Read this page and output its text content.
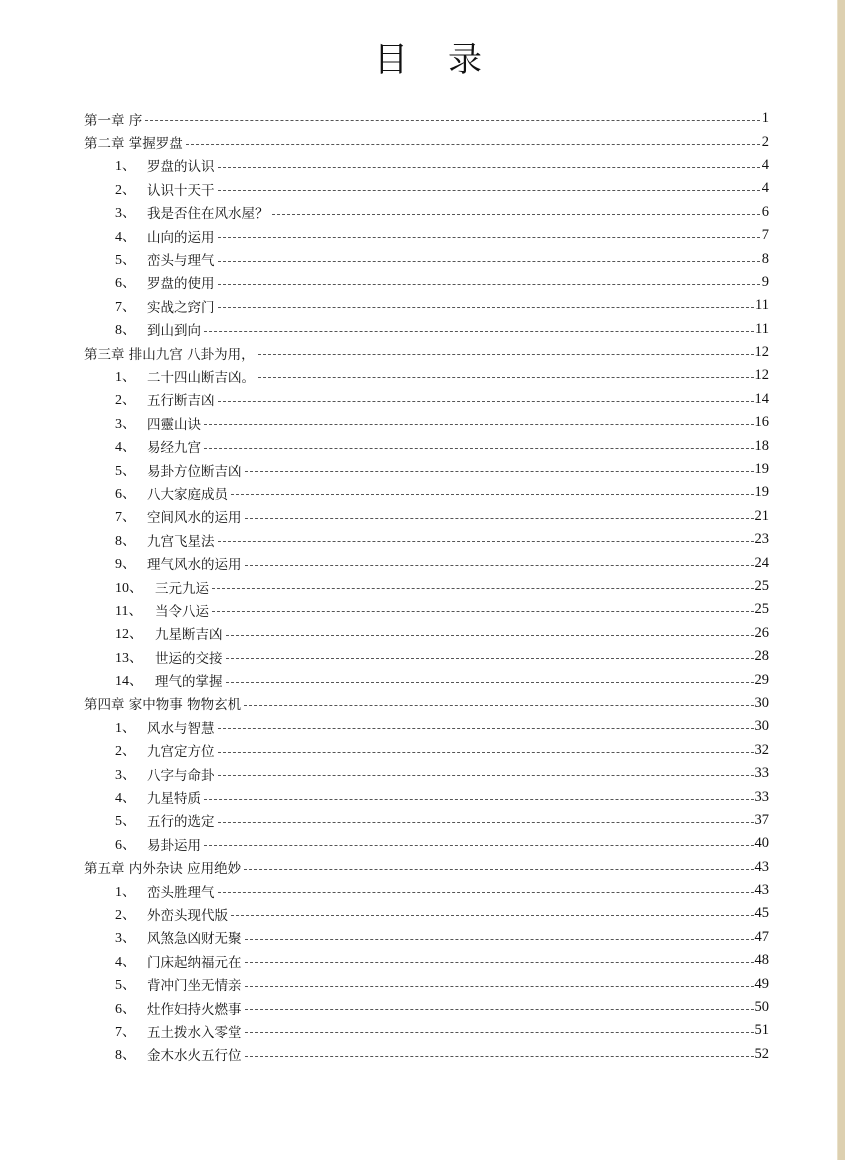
目 录
第一章 序	1
第二章 掌握罗盘	2
1、 罗盘的认识	4
2、 认识十天干	4
3、 我是否住在风水屋？	6
4、 山向的运用	7
5、 峦头与理气	8
6、 罗盘的使用	9
7、 实战之窍门	11
8、 到山到向	11
第三章 排山九宫 八卦为用，	12
1、 二十四山断吉凶。	12
2、 五行断吉凶	14
3、 四靈山诀	16
4、 易经九宫	18
5、 易卦方位断吉凶	19
6、 八大家庭成员	19
7、 空间风水的运用	21
8、 九宫飞星法	23
9、 理气风水的运用	24
10、 三元九运	25
11、 当令八运	25
12、 九星断吉凶	26
13、 世运的交接	28
14、 理气的掌握	29
第四章 家中物事 物物玄机	30
1、 风水与智慧	30
2、 九宫定方位	32
3、 八字与命卦	33
4、 九星特质	33
5、 五行的选定	37
6、 易卦运用	40
第五章 内外杂诀 应用绝妙	43
1、 峦头胜理气	43
2、 外峦头现代版	45
3、 风煞急凶财无聚	47
4、 门床起纳福元在	48
5、 背冲门坐无情亲	49
6、 灶作妇持火燃事	50
7、 五土拨水入零堂	51
8、 金木水火五行位	52
